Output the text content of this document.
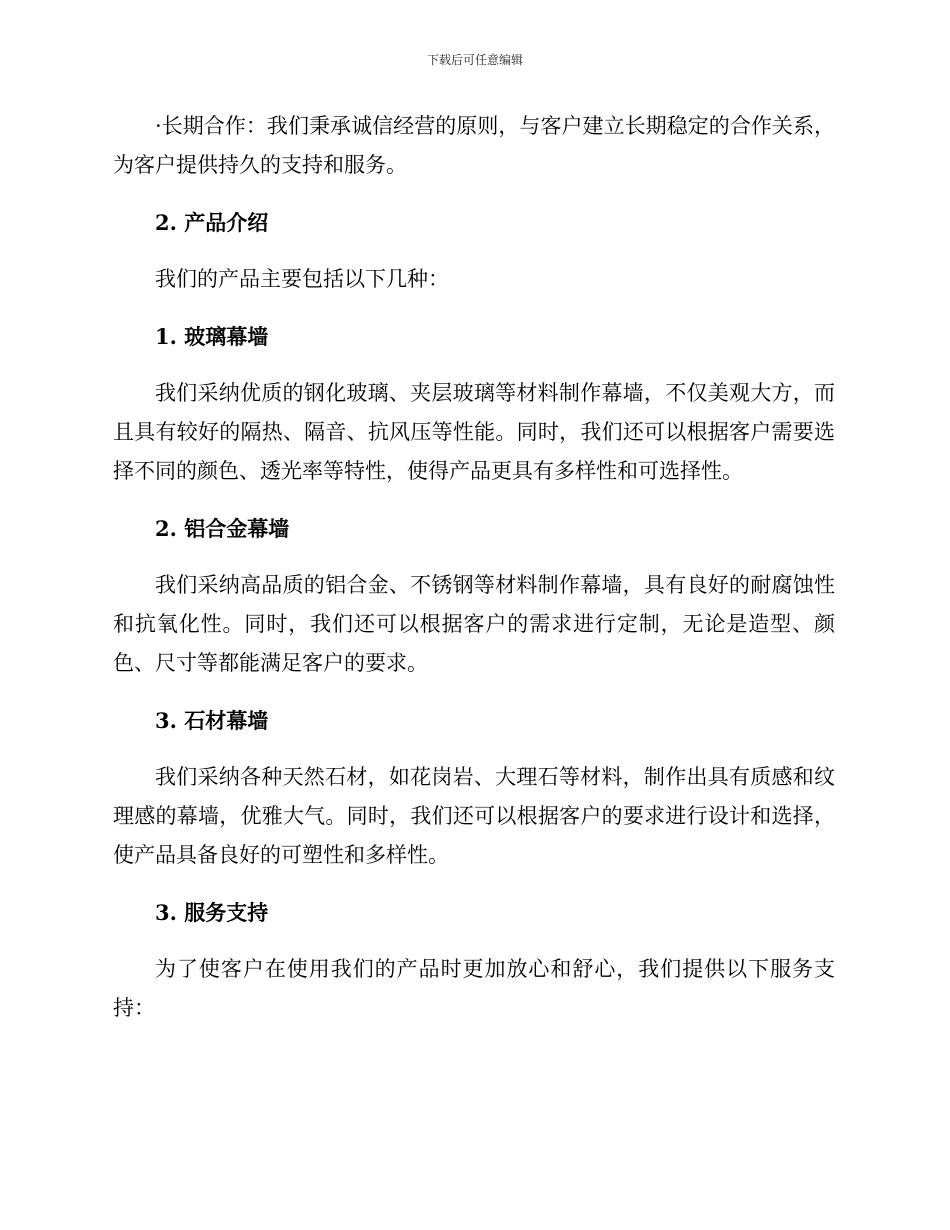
下载后可任意编辑

·长期合作：我们秉承诚信经营的原则，与客户建立长期稳定的合作关系，为客户提供持久的支持和服务。

2. 产品介绍

我们的产品主要包括以下几种：

1. 玻璃幕墙

我们采纳优质的钢化玻璃、夹层玻璃等材料制作幕墙，不仅美观大方，而且具有较好的隔热、隔音、抗风压等性能。同时，我们还可以根据客户需要选择不同的颜色、透光率等特性，使得产品更具有多样性和可选择性。

2. 铝合金幕墙

我们采纳高品质的铝合金、不锈钢等材料制作幕墙，具有良好的耐腐蚀性和抗氧化性。同时，我们还可以根据客户的需求进行定制，无论是造型、颜色、尺寸等都能满足客户的要求。

3. 石材幕墙

我们采纳各种天然石材，如花岗岩、大理石等材料，制作出具有质感和纹理感的幕墙，优雅大气。同时，我们还可以根据客户的要求进行设计和选择，使产品具备良好的可塑性和多样性。

3. 服务支持

为了使客户在使用我们的产品时更加放心和舒心，我们提供以下服务支持：
